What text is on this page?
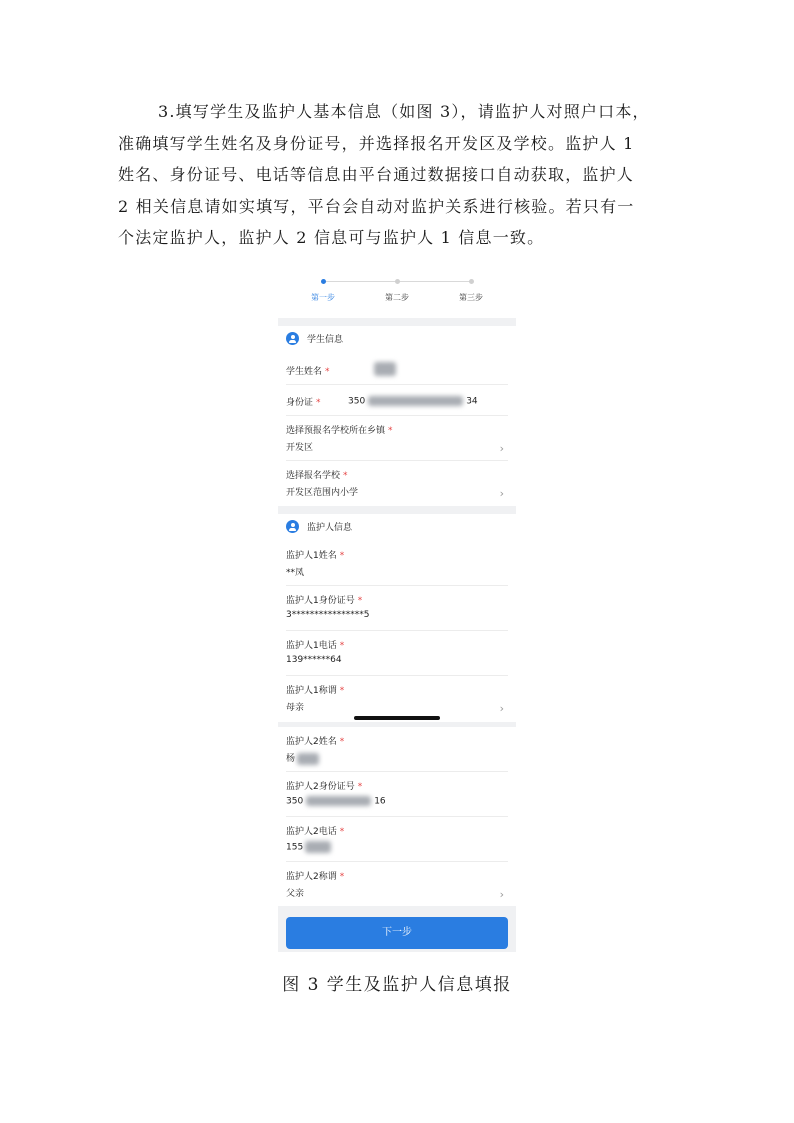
3.填写学生及监护人基本信息（如图 3），请监护人对照户口本，
准确填写学生姓名及身份证号，并选择报名开发区及学校。监护人 1
姓名、身份证号、电话等信息由平台通过数据接口自动获取，监护人
2 相关信息请如实填写，平台会自动对监护关系进行核验。若只有一
个法定监护人，监护人 2 信息可与监护人 1 信息一致。
第一步	第二步	第三步
学生信息
学生姓名 *
身份证 *	350	34
选择预报名学校所在乡镇 *
开发区	›
选择报名学校 *
开发区范围内小学	›
监护人信息
监护人1姓名 *
**凤
监护人1身份证号 *
3****************5
监护人1电话 *
139******64
监护人1称谓 *
母亲	›
监护人2姓名 *
杨
监护人2身份证号 *
350	16
监护人2电话 *
155
监护人2称谓 *
父亲	›
下一步
图 3 学生及监护人信息填报
